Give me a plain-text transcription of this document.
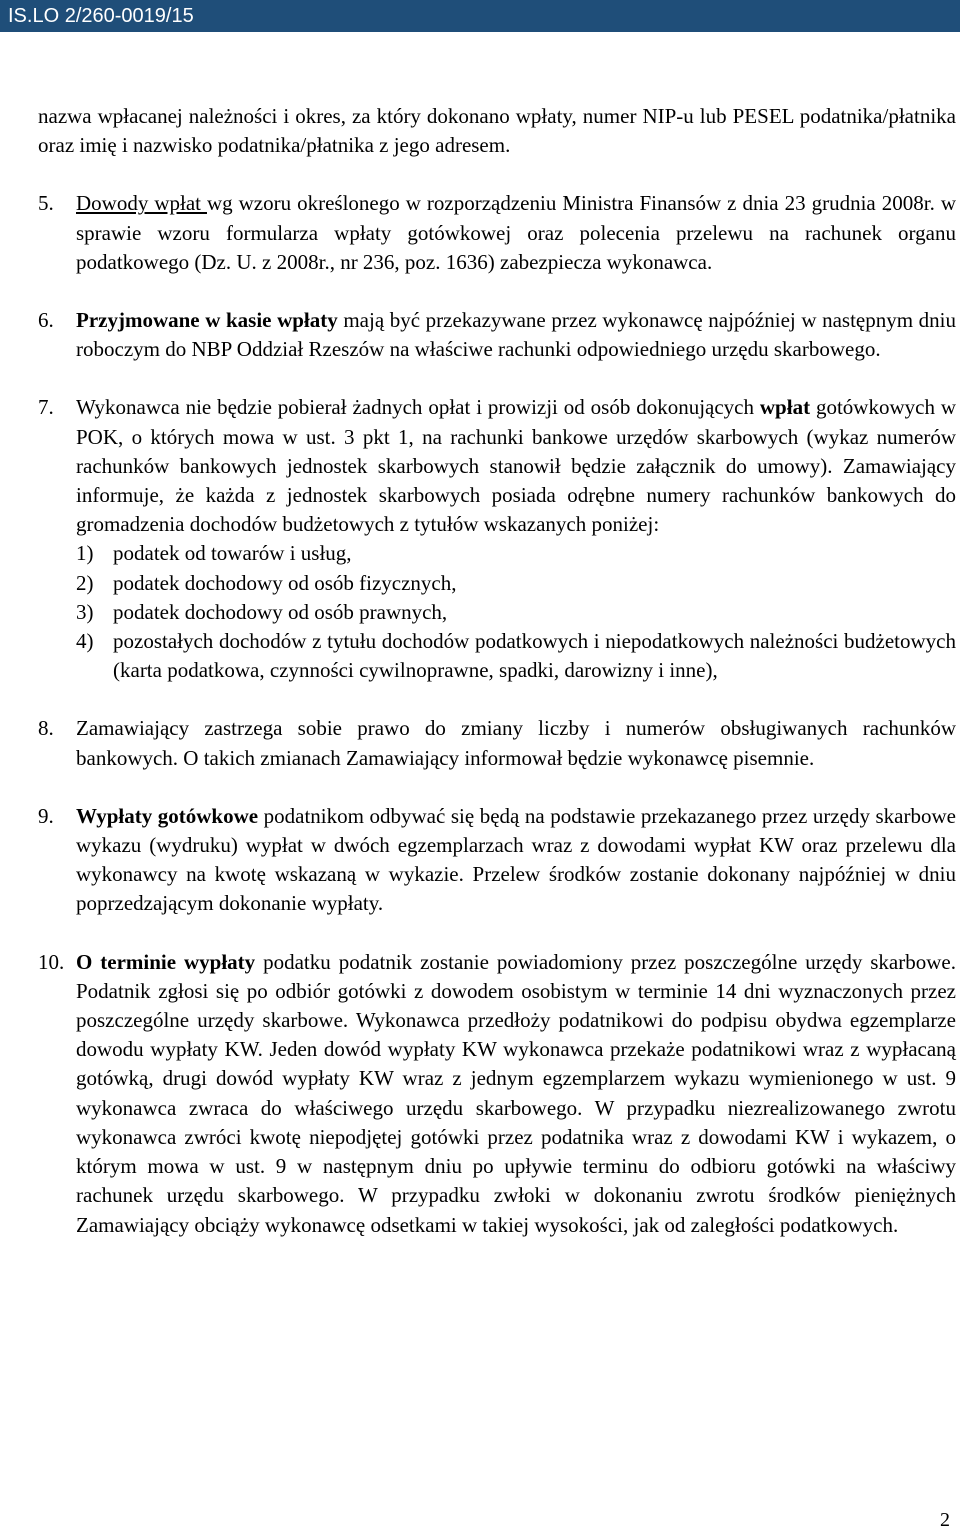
IS.LO 2/260-0019/15
nazwa wpłacanej należności i okres, za który dokonano wpłaty, numer NIP-u lub PESEL podatnika/płatnika oraz imię i nazwisko podatnika/płatnika z jego adresem.
5. Dowody wpłat wg wzoru określonego w rozporządzeniu Ministra Finansów z dnia 23 grudnia 2008r. w sprawie wzoru formularza wpłaty gotówkowej oraz polecenia przelewu na rachunek organu podatkowego (Dz. U. z 2008r., nr 236, poz. 1636) zabezpiecza wykonawca.
6. Przyjmowane w kasie wpłaty mają być przekazywane przez wykonawcę najpóźniej w następnym dniu roboczym do NBP Oddział Rzeszów na właściwe rachunki odpowiedniego urzędu skarbowego.
7. Wykonawca nie będzie pobierał żadnych opłat i prowizji od osób dokonujących wpłat gotówkowych w POK, o których mowa w ust. 3 pkt 1, na rachunki bankowe urzędów skarbowych (wykaz numerów rachunków bankowych jednostek skarbowych stanowił będzie załącznik do umowy). Zamawiający informuje, że każda z jednostek skarbowych posiada odrębne numery rachunków bankowych do gromadzenia dochodów budżetowych z tytułów wskazanych poniżej:
1) podatek od towarów i usług,
2) podatek dochodowy od osób fizycznych,
3) podatek dochodowy od osób prawnych,
4) pozostałych dochodów z tytułu dochodów podatkowych i niepodatkowych należności budżetowych (karta podatkowa, czynności cywilnoprawne, spadki, darowizny i inne),
8. Zamawiający zastrzega sobie prawo do zmiany liczby i numerów obsługiwanych rachunków bankowych. O takich zmianach Zamawiający informował będzie wykonawcę pisemnie.
9. Wypłaty gotówkowe podatnikom odbywać się będą na podstawie przekazanego przez urzędy skarbowe wykazu (wydruku) wypłat w dwóch egzemplarzach wraz z dowodami wypłat KW oraz przelewu dla wykonawcy na kwotę wskazaną w wykazie. Przelew środków zostanie dokonany najpóźniej w dniu poprzedzającym dokonanie wypłaty.
10. O terminie wypłaty podatku podatnik zostanie powiadomiony przez poszczególne urzędy skarbowe. Podatnik zgłosi się po odbiór gotówki z dowodem osobistym w terminie 14 dni wyznaczonych przez poszczególne urzędy skarbowe. Wykonawca przedłoży podatnikowi do podpisu obydwa egzemplarze dowodu wypłaty KW. Jeden dowód wypłaty KW wykonawca przekaże podatnikowi wraz z wypłacaną gotówką, drugi dowód wypłaty KW wraz z jednym egzemplarzem wykazu wymienionego w ust. 9 wykonawca zwraca do właściwego urzędu skarbowego. W przypadku niezrealizowanego zwrotu wykonawca zwróci kwotę niepodjętej gotówki przez podatnika wraz z dowodami KW i wykazem, o którym mowa w ust. 9 w następnym dniu po upływie terminu do odbioru gotówki na właściwy rachunek urzędu skarbowego. W przypadku zwłoki w dokonaniu zwrotu środków pieniężnych Zamawiający obciąży wykonawcę odsetkami w takiej wysokości, jak od zaległości podatkowych.
2
